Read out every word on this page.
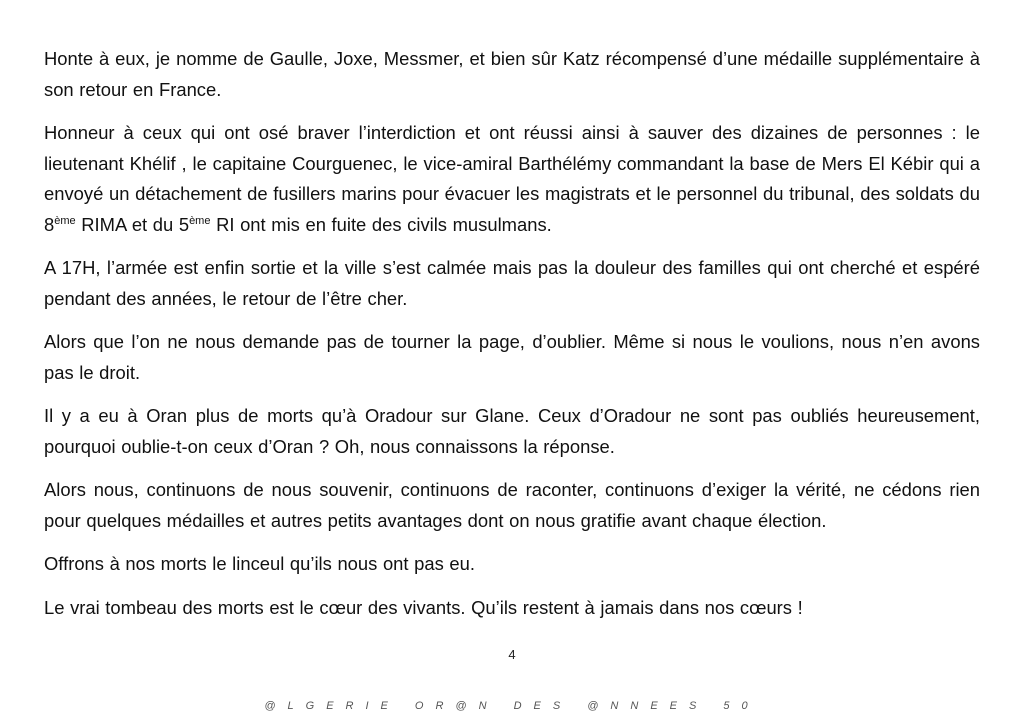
Honte à eux, je nomme de Gaulle, Joxe, Messmer, et bien sûr Katz récompensé d’une médaille supplémentaire à son retour en France.

Honneur à ceux qui ont osé braver l’interdiction et ont réussi ainsi à sauver des dizaines de personnes : le lieutenant Khélif , le capitaine Courguenec, le vice-amiral Barthélémy commandant la base de Mers El Kébir qui a envoyé un détachement de fusillers marins pour évacuer les magistrats et le personnel du tribunal, des soldats du 8ème RIMA et du 5ème RI ont mis en fuite des civils musulmans.

A 17H, l’armée est enfin sortie et la ville s’est calmée mais pas la douleur des familles qui ont cherché et espéré pendant des années, le retour de l’être cher.

Alors que l’on ne nous demande pas de tourner la page, d’oublier. Même si nous le voulions, nous n’en avons pas le droit.

Il y a eu à Oran plus de morts qu’à Oradour sur Glane. Ceux d’Oradour ne sont pas oubliés heureusement, pourquoi oublie-t-on ceux d’Oran ? Oh, nous connaissons la réponse.

Alors nous, continuons de nous souvenir, continuons de raconter, continuons d’exiger la vérité, ne cédons rien pour quelques médailles et autres petits avantages dont on nous gratifie avant chaque élection.

Offrons à nos morts le linceul qu’ils nous ont pas eu.

Le vrai tombeau des morts est le cœur des vivants. Qu’ils restent à jamais dans nos cœurs !

4
@LGERIE OR@N DES @NNEES 50
